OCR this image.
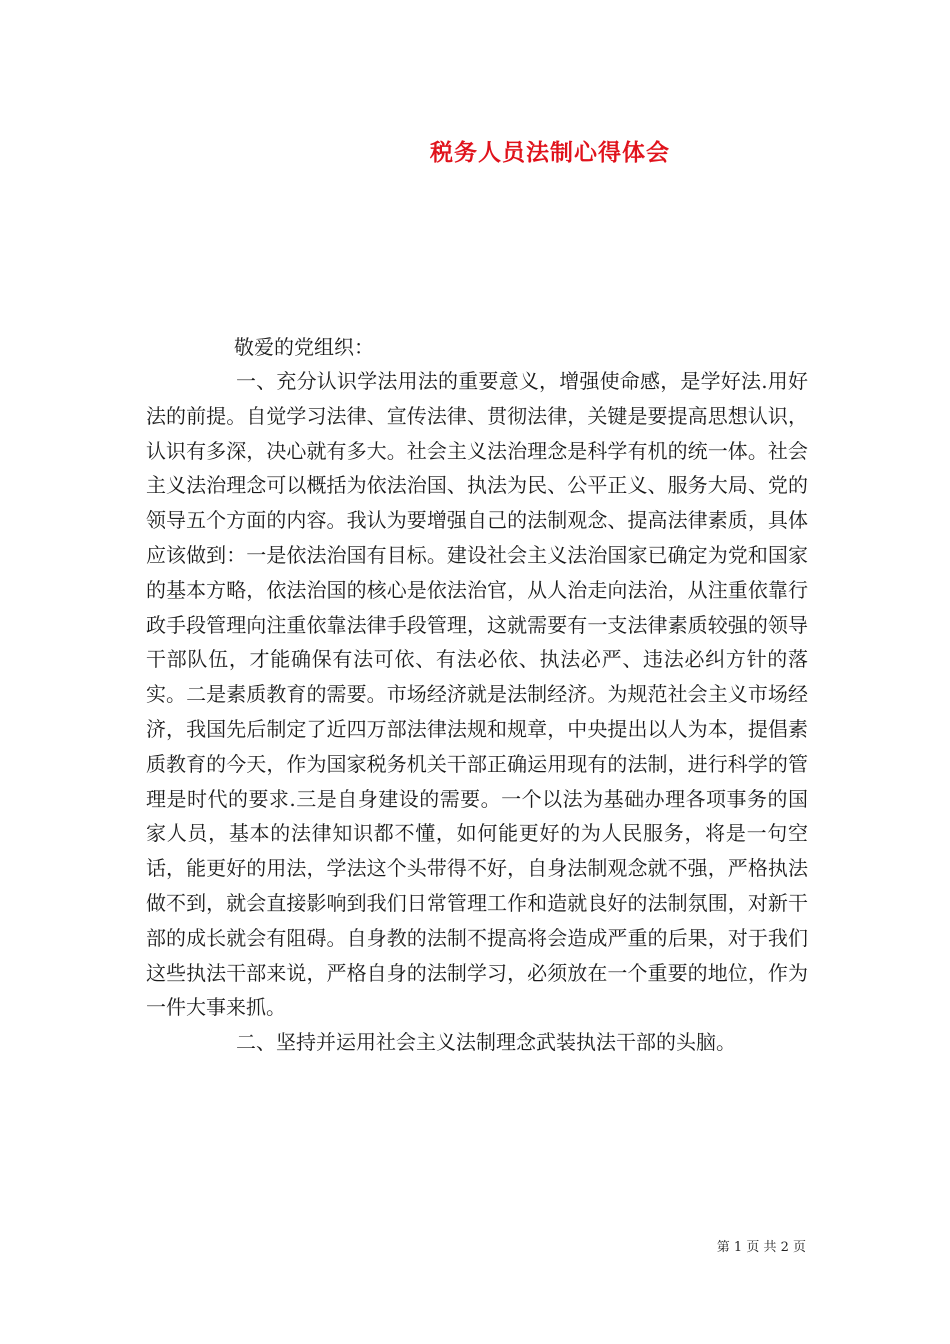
税务人员法制心得体会
敬爱的党组织：

一、充分认识学法用法的重要意义，增强使命感，是学好法.用好法的前提。自觉学习法律、宣传法律、贯彻法律，关键是要提高思想认识，认识有多深，决心就有多大。社会主义法治理念是科学有机的统一体。社会主义法治理念可以概括为依法治国、执法为民、公平正义、服务大局、党的领导五个方面的内容。我认为要增强自己的法制观念、提高法律素质，具体应该做到：一是依法治国有目标。建设社会主义法治国家已确定为党和国家的基本方略，依法治国的核心是依法治官，从人治走向法治，从注重依靠行政手段管理向注重依靠法律手段管理，这就需要有一支法律素质较强的领导干部队伍，才能确保有法可依、有法必依、执法必严、违法必纠方针的落实。二是素质教育的需要。市场经济就是法制经济。为规范社会主义市场经济，我国先后制定了近四万部法律法规和规章，中央提出以人为本，提倡素质教育的今天，作为国家税务机关干部正确运用现有的法制，进行科学的管理是时代的要求.三是自身建设的需要。一个以法为基础办理各项事务的国家人员，基本的法律知识都不懂，如何能更好的为人民服务，将是一句空话，能更好的用法，学法这个头带得不好，自身法制观念就不强，严格执法做不到，就会直接影响到我们日常管理工作和造就良好的法制氛围，对新干部的成长就会有阻碍。自身教的法制不提高将会造成严重的后果，对于我们这些执法干部来说，严格自身的法制学习，必须放在一个重要的地位，作为一件大事来抓。

二、坚持并运用社会主义法制理念武装执法干部的头脑。

第 1 页 共 2 页
